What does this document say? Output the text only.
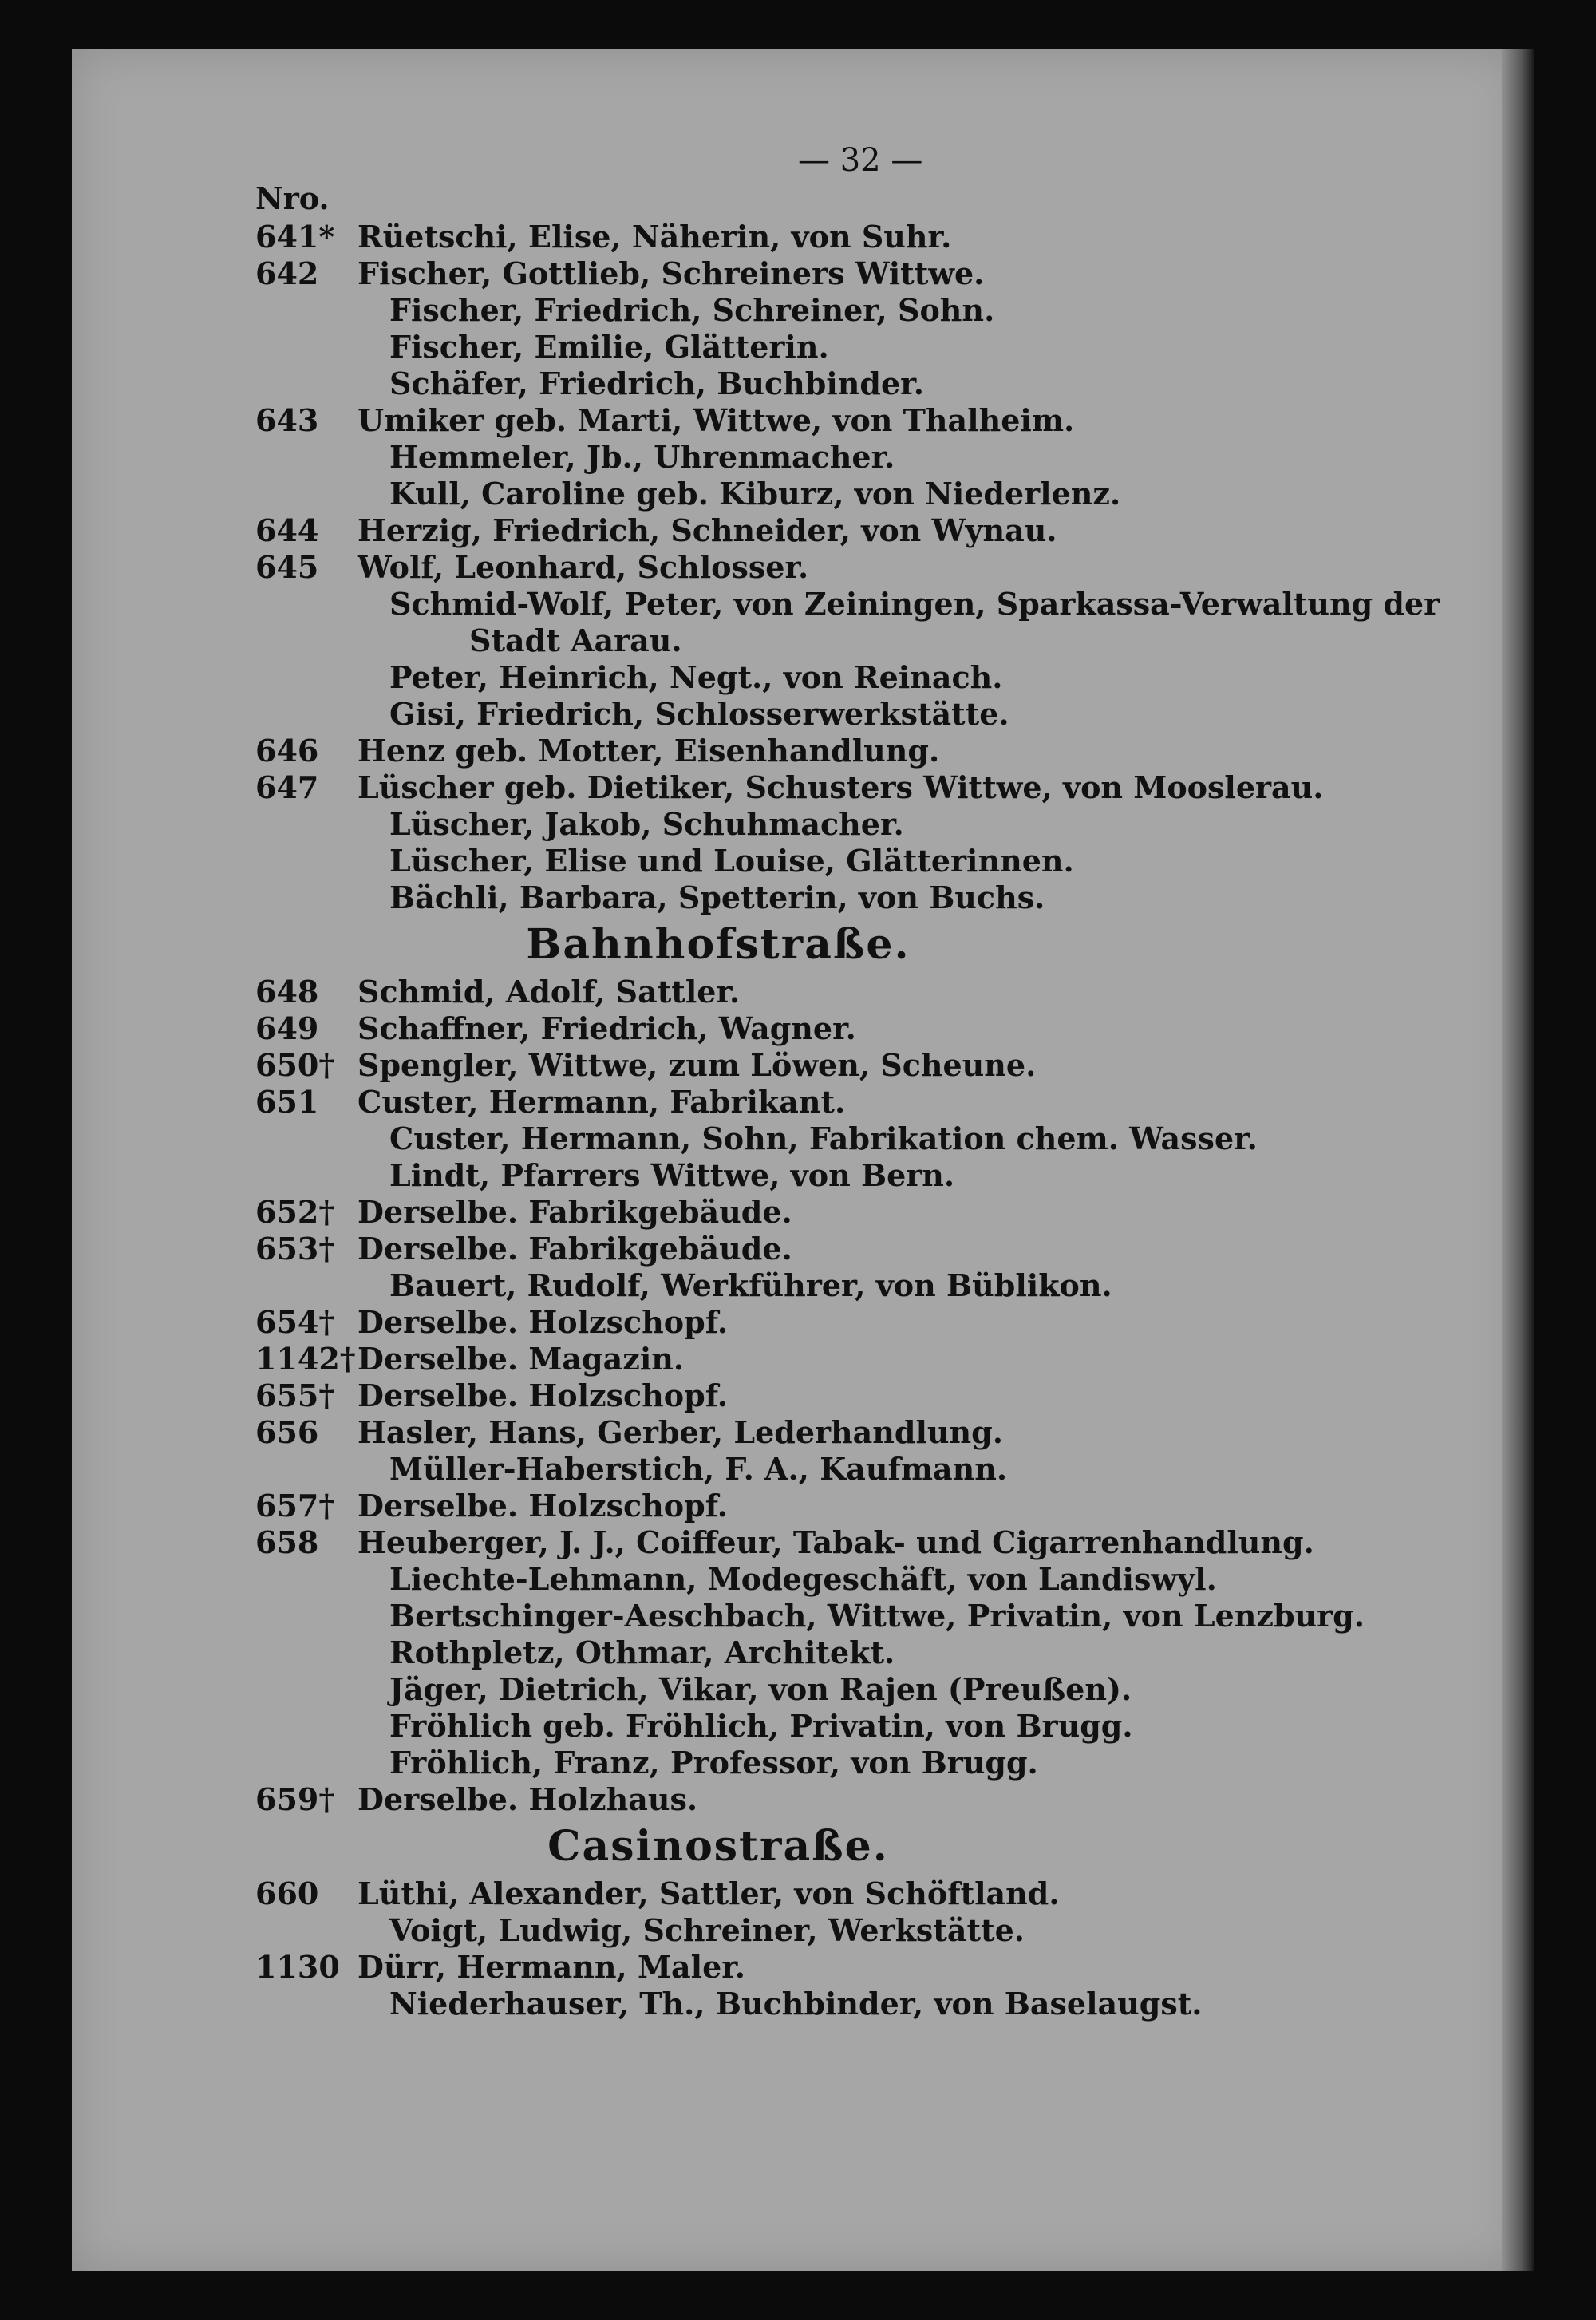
— 32 —
Nro.
641* Rüetschi, Elise, Näherin, von Suhr.
642	Fischer, Gottlieb, Schreiners Wittwe.
Fischer, Friedrich, Schreiner, Sohn.
Fischer, Emilie, Glätterin.
Schäfer, Friedrich, Buchbinder.
643	Umiker geb. Marti, Wittwe, von Thalheim.
Hemmeler, Jb., Uhrenmacher.
Kull, Caroline geb. Kiburz, von Niederlenz.
644	Herzig, Friedrich, Schneider, von Wynau.
645	Wolf, Leonhard, Schlosser.
Schmid-Wolf, Peter, von Zeiningen, Sparkassa-Verwaltung der
Stadt Aarau.
Peter, Heinrich, Negt., von Reinach.
Gisi, Friedrich, Schlosserwerkstätte.
646	Henz geb. Motter, Eisenhandlung.
647	Lüscher geb. Dietiker, Schusters Wittwe, von Mooslerau.
Lüscher, Jakob, Schuhmacher.
Lüscher, Elise und Louise, Glätterinnen.
Bächli, Barbara, Spetterin, von Buchs.
Bahnhofstraße.
648	Schmid, Adolf, Sattler.
649	Schaffner, Friedrich, Wagner.
650† Spengler, Wittwe, zum Löwen, Scheune.
651	Custer, Hermann, Fabrikant.
Custer, Hermann, Sohn, Fabrikation chem. Wasser.
Lindt, Pfarrers Wittwe, von Bern.
652† Derselbe. Fabrikgebäude.
653† Derselbe. Fabrikgebäude.
Bauert, Rudolf, Werkführer, von Büblikon.
654† Derselbe. Holzschopf.
1142† Derselbe. Magazin.
655† Derselbe. Holzschopf.
656	Hasler, Hans, Gerber, Lederhandlung.
Müller-Haberstich, F. A., Kaufmann.
657† Derselbe. Holzschopf.
658	Heuberger, J. J., Coiffeur, Tabak- und Cigarrenhandlung.
Liechte-Lehmann, Modegeschäft, von Landiswyl.
Bertschinger-Aeschbach, Wittwe, Privatin, von Lenzburg.
Rothpletz, Othmar, Architekt.
Jäger, Dietrich, Vikar, von Rajen (Preußen).
Fröhlich geb. Fröhlich, Privatin, von Brugg.
Fröhlich, Franz, Professor, von Brugg.
659† Derselbe. Holzhaus.
Casinostraße.
660	Lüthi, Alexander, Sattler, von Schöftland.
Voigt, Ludwig, Schreiner, Werkstätte.
1130 Dürr, Hermann, Maler.
Niederhauser, Th., Buchbinder, von Baselaugst.
